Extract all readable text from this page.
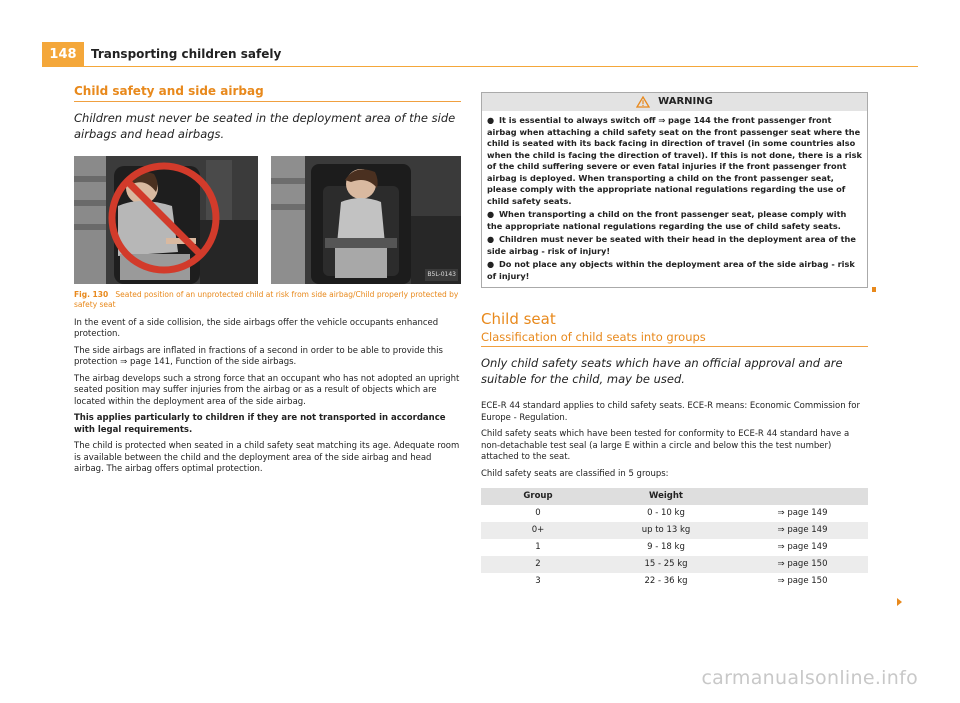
148	Transporting children safely
Child safety and side airbag
Children must never be seated in the deployment area of the side airbags and head airbags.
B5L-0143
Fig. 130 Seated position of an unprotected child at risk from side airbag/Child properly protected by safety seat

In the event of a side collision, the side airbags offer the vehicle occupants enhanced protection.

The side airbags are inflated in fractions of a second in order to be able to provide this protection ⇒ page 141, Function of the side airbags.

The airbag develops such a strong force that an occupant who has not adopted an upright seated position may suffer injuries from the airbag or as a result of objects which are located within the deployment area of the side airbag.

This applies particularly to children if they are not transported in accordance with legal requirements.

The child is protected when seated in a child safety seat matching its age. Adequate room is available between the child and the deployment area of the side airbag and head airbag. The airbag offers optimal protection.

WARNING

● It is essential to always switch off ⇒ page 144 the front passenger front airbag when attaching a child safety seat on the front passenger seat where the child is seated with its back facing in direction of travel (in some countries also when the child is facing the direction of travel). If this is not done, there is a risk of the child suffering severe or even fatal injuries if the front passenger front airbag is deployed. When transporting a child on the front passenger seat, please comply with the appropriate national regulations regarding the use of child safety seats.

● When transporting a child on the front passenger seat, please comply with the appropriate national regulations regarding the use of child safety seats.

● Children must never be seated with their head in the deployment area of the side airbag - risk of injury!

● Do not place any objects within the deployment area of the side airbag - risk of injury!

Child seat
Classification of child seats into groups
Only child safety seats which have an official approval and are suitable for the child, may be used.

ECE-R 44 standard applies to child safety seats. ECE-R means: Economic Commission for Europe - Regulation.

Child safety seats which have been tested for conformity to ECE-R 44 standard have a non-detachable test seal (a large E within a circle and below this the test number) attached to the seat.

Child safety seats are classified in 5 groups:

Group	Weight	
0	0 - 10 kg	⇒ page 149
0+	up to 13 kg	⇒ page 149
1	9 - 18 kg	⇒ page 149
2	15 - 25 kg	⇒ page 150
3	22 - 36 kg	⇒ page 150
carmanualsonline.info
